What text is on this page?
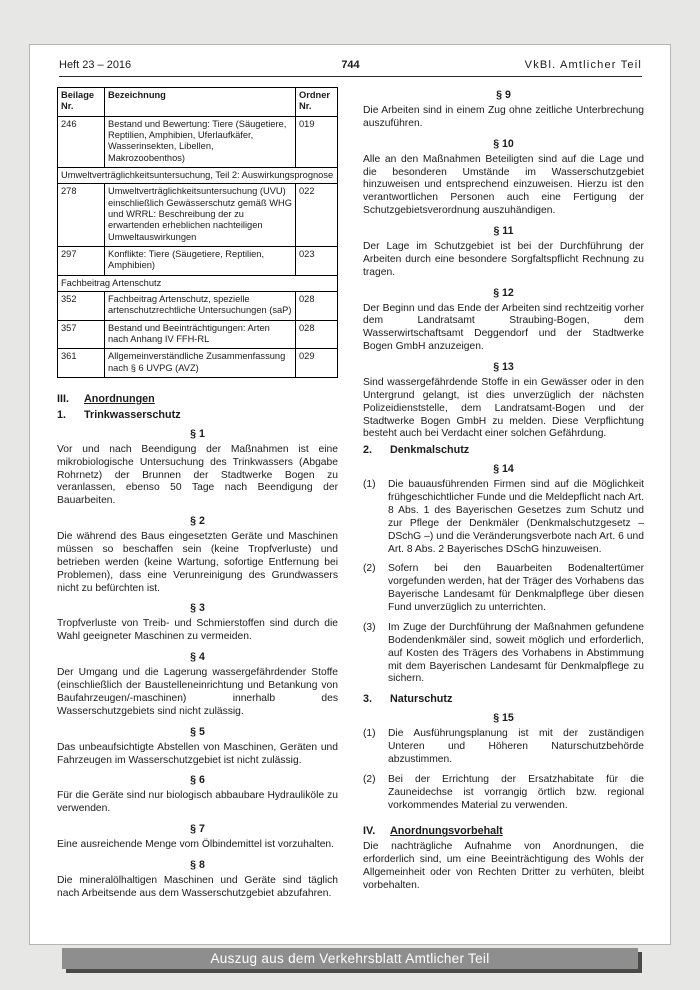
Heft 23 – 2016	744	VkBl. Amtlicher Teil
Beilage Nr.	Bezeichnung	Ordner Nr.
246	Bestand und Bewertung: Tiere (Säugetiere, Reptilien, Amphibien, Uferlaufkäfer, Wasserinsekten, Libellen, Makrozoobenthos)	019
Umweltverträglichkeitsuntersuchung, Teil 2: Auswirkungsprognose		
278	Umweltverträglichkeitsuntersuchung (UVU) einschließlich Gewässerschutz gemäß WHG und WRRL: Beschreibung der zu erwartenden erheblichen nachteiligen Umweltauswirkungen	022
297	Konflikte: Tiere (Säugetiere, Reptilien, Amphibien)	023
Fachbeitrag Artenschutz		
352	Fachbeitrag Artenschutz, spezielle artenschutzrechtliche Untersuchungen (saP)	028
357	Bestand und Beeinträchtigungen: Arten nach Anhang IV FFH-RL	028
361	Allgemeinverständliche Zusammenfassung nach § 6 UVPG (AVZ)	029
III.	Anordnungen
1.	Trinkwasserschutz
§ 1
Vor und nach Beendigung der Maßnahmen ist eine mikrobiologische Untersuchung des Trinkwassers (Abgabe Rohrnetz) der Brunnen der Stadtwerke Bogen zu veranlassen, ebenso 50 Tage nach Beendigung der Bauarbeiten.
§ 2
Die während des Baus eingesetzten Geräte und Maschinen müssen so beschaffen sein (keine Tropfverluste) und betrieben werden (keine Wartung, sofortige Entfernung bei Problemen), dass eine Verunreinigung des Grundwassers nicht zu befürchten ist.
§ 3
Tropfverluste von Treib- und Schmierstoffen sind durch die Wahl geeigneter Maschinen zu vermeiden.
§ 4
Der Umgang und die Lagerung wassergefährdender Stoffe (einschließlich der Baustelleneinrichtung und Betankung von Baufahrzeugen/-maschinen) innerhalb des Wasserschutzgebiets sind nicht zulässig.
§ 5
Das unbeaufsichtigte Abstellen von Maschinen, Geräten und Fahrzeugen im Wasserschutzgebiet ist nicht zulässig.
§ 6
Für die Geräte sind nur biologisch abbaubare Hydrauliköle zu verwenden.
§ 7
Eine ausreichende Menge vom Ölbindemittel ist vorzuhalten.
§ 8
Die mineralölhaltigen Maschinen und Geräte sind täglich nach Arbeitsende aus dem Wasserschutzgebiet abzufahren.
§ 9
Die Arbeiten sind in einem Zug ohne zeitliche Unterbrechung auszuführen.
§ 10
Alle an den Maßnahmen Beteiligten sind auf die Lage und die besonderen Umstände im Wasserschutzgebiet hinzuweisen und entsprechend einzuweisen. Hierzu ist den verantwortlichen Personen auch eine Fertigung der Schutzgebietsverordnung auszuhändigen.
§ 11
Der Lage im Schutzgebiet ist bei der Durchführung der Arbeiten durch eine besondere Sorgfaltspflicht Rechnung zu tragen.
§ 12
Der Beginn und das Ende der Arbeiten sind rechtzeitig vorher dem Landratsamt Straubing-Bogen, dem Wasserwirtschaftsamt Deggendorf und der Stadtwerke Bogen GmbH anzuzeigen.
§ 13
Sind wassergefährdende Stoffe in ein Gewässer oder in den Untergrund gelangt, ist dies unverzüglich der nächsten Polizeidienststelle, dem Landratsamt-Bogen und der Stadtwerke Bogen GmbH zu melden. Diese Verpflichtung besteht auch bei Verdacht einer solchen Gefährdung.
2.	Denkmalschutz
§ 14
(1)	Die bauausführenden Firmen sind auf die Möglichkeit frühgeschichtlicher Funde und die Meldepflicht nach Art. 8 Abs. 1 des Bayerischen Gesetzes zum Schutz und zur Pflege der Denkmäler (Denkmalschutzgesetz – DSchG –) und die Veränderungsverbote nach Art. 6 und Art. 8 Abs. 2 Bayerisches DSchG hinzuweisen.
(2)	Sofern bei den Bauarbeiten Bodenaltertümer vorgefunden werden, hat der Träger des Vorhabens das Bayerische Landesamt für Denkmalpflege über diesen Fund unverzüglich zu unterrichten.
(3)	Im Zuge der Durchführung der Maßnahmen gefundene Bodendenkmäler sind, soweit möglich und erforderlich, auf Kosten des Trägers des Vorhabens in Abstimmung mit dem Bayerischen Landesamt für Denkmalpflege zu sichern.
3.	Naturschutz
§ 15
(1)	Die Ausführungsplanung ist mit der zuständigen Unteren und Höheren Naturschutzbehörde abzustimmen.
(2)	Bei der Errichtung der Ersatzhabitate für die Zauneidechse ist vorrangig örtlich bzw. regional vorkommendes Material zu verwenden.
IV.	Anordnungsvorbehalt
Die nachträgliche Aufnahme von Anordnungen, die erforderlich sind, um eine Beeinträchtigung des Wohls der Allgemeinheit oder von Rechten Dritter zu verhüten, bleibt vorbehalten.
Auszug aus dem Verkehrsblatt Amtlicher Teil
